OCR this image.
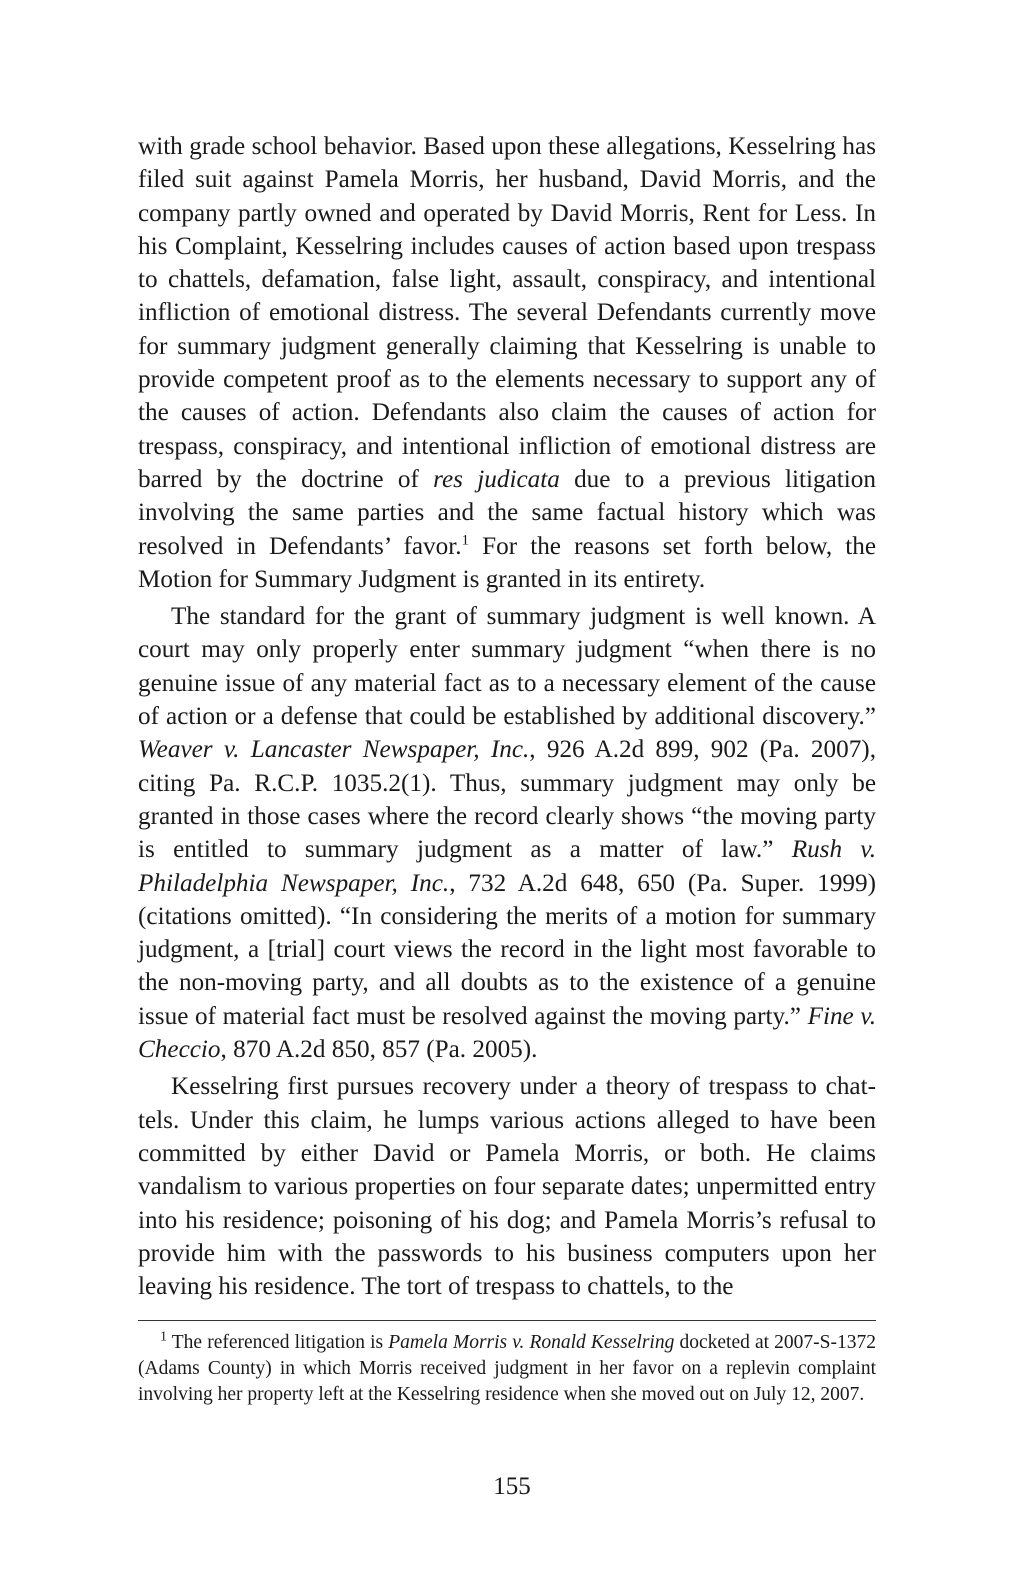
with grade school behavior. Based upon these allegations, Kesselring has filed suit against Pamela Morris, her husband, David Morris, and the company partly owned and operated by David Morris, Rent for Less. In his Complaint, Kesselring includes causes of action based upon trespass to chattels, defamation, false light, assault, conspiracy, and intentional infliction of emotional distress. The several Defendants currently move for summary judgment generally claiming that Kesselring is unable to provide competent proof as to the elements necessary to support any of the causes of action. Defendants also claim the causes of action for trespass, conspiracy, and intentional infliction of emotional distress are barred by the doctrine of res judicata due to a previous litigation involving the same parties and the same factual history which was resolved in Defendants’ favor.$^1$ For the reasons set forth below, the Motion for Summary Judgment is granted in its entirety.

The standard for the grant of summary judgment is well known. A court may only properly enter summary judgment “when there is no genuine issue of any material fact as to a necessary element of the cause of action or a defense that could be established by additional discovery.” Weaver v. Lancaster Newspaper, Inc., 926 A.2d 899, 902 (Pa. 2007), citing Pa. R.C.P. 1035.2(1). Thus, summary judgment may only be granted in those cases where the record clearly shows “the moving party is entitled to summary judgment as a matter of law.” Rush v. Philadelphia Newspaper, Inc., 732 A.2d 648, 650 (Pa. Super. 1999) (citations omitted). “In considering the merits of a motion for summary judgment, a [trial] court views the record in the light most favorable to the non-moving party, and all doubts as to the existence of a genuine issue of material fact must be resolved against the moving party.” Fine v. Checcio, 870 A.2d 850, 857 (Pa. 2005).

Kesselring first pursues recovery under a theory of trespass to chattels. Under this claim, he lumps various actions alleged to have been committed by either David or Pamela Morris, or both. He claims vandalism to various properties on four separate dates; unpermitted entry into his residence; poisoning of his dog; and Pamela Morris’s refusal to provide him with the passwords to his business computers upon her leaving his residence. The tort of trespass to chattels, to the

$^1$ The referenced litigation is Pamela Morris v. Ronald Kesselring docketed at 2007-S-1372 (Adams County) in which Morris received judgment in her favor on a replevin complaint involving her property left at the Kesselring residence when she moved out on July 12, 2007.

155
